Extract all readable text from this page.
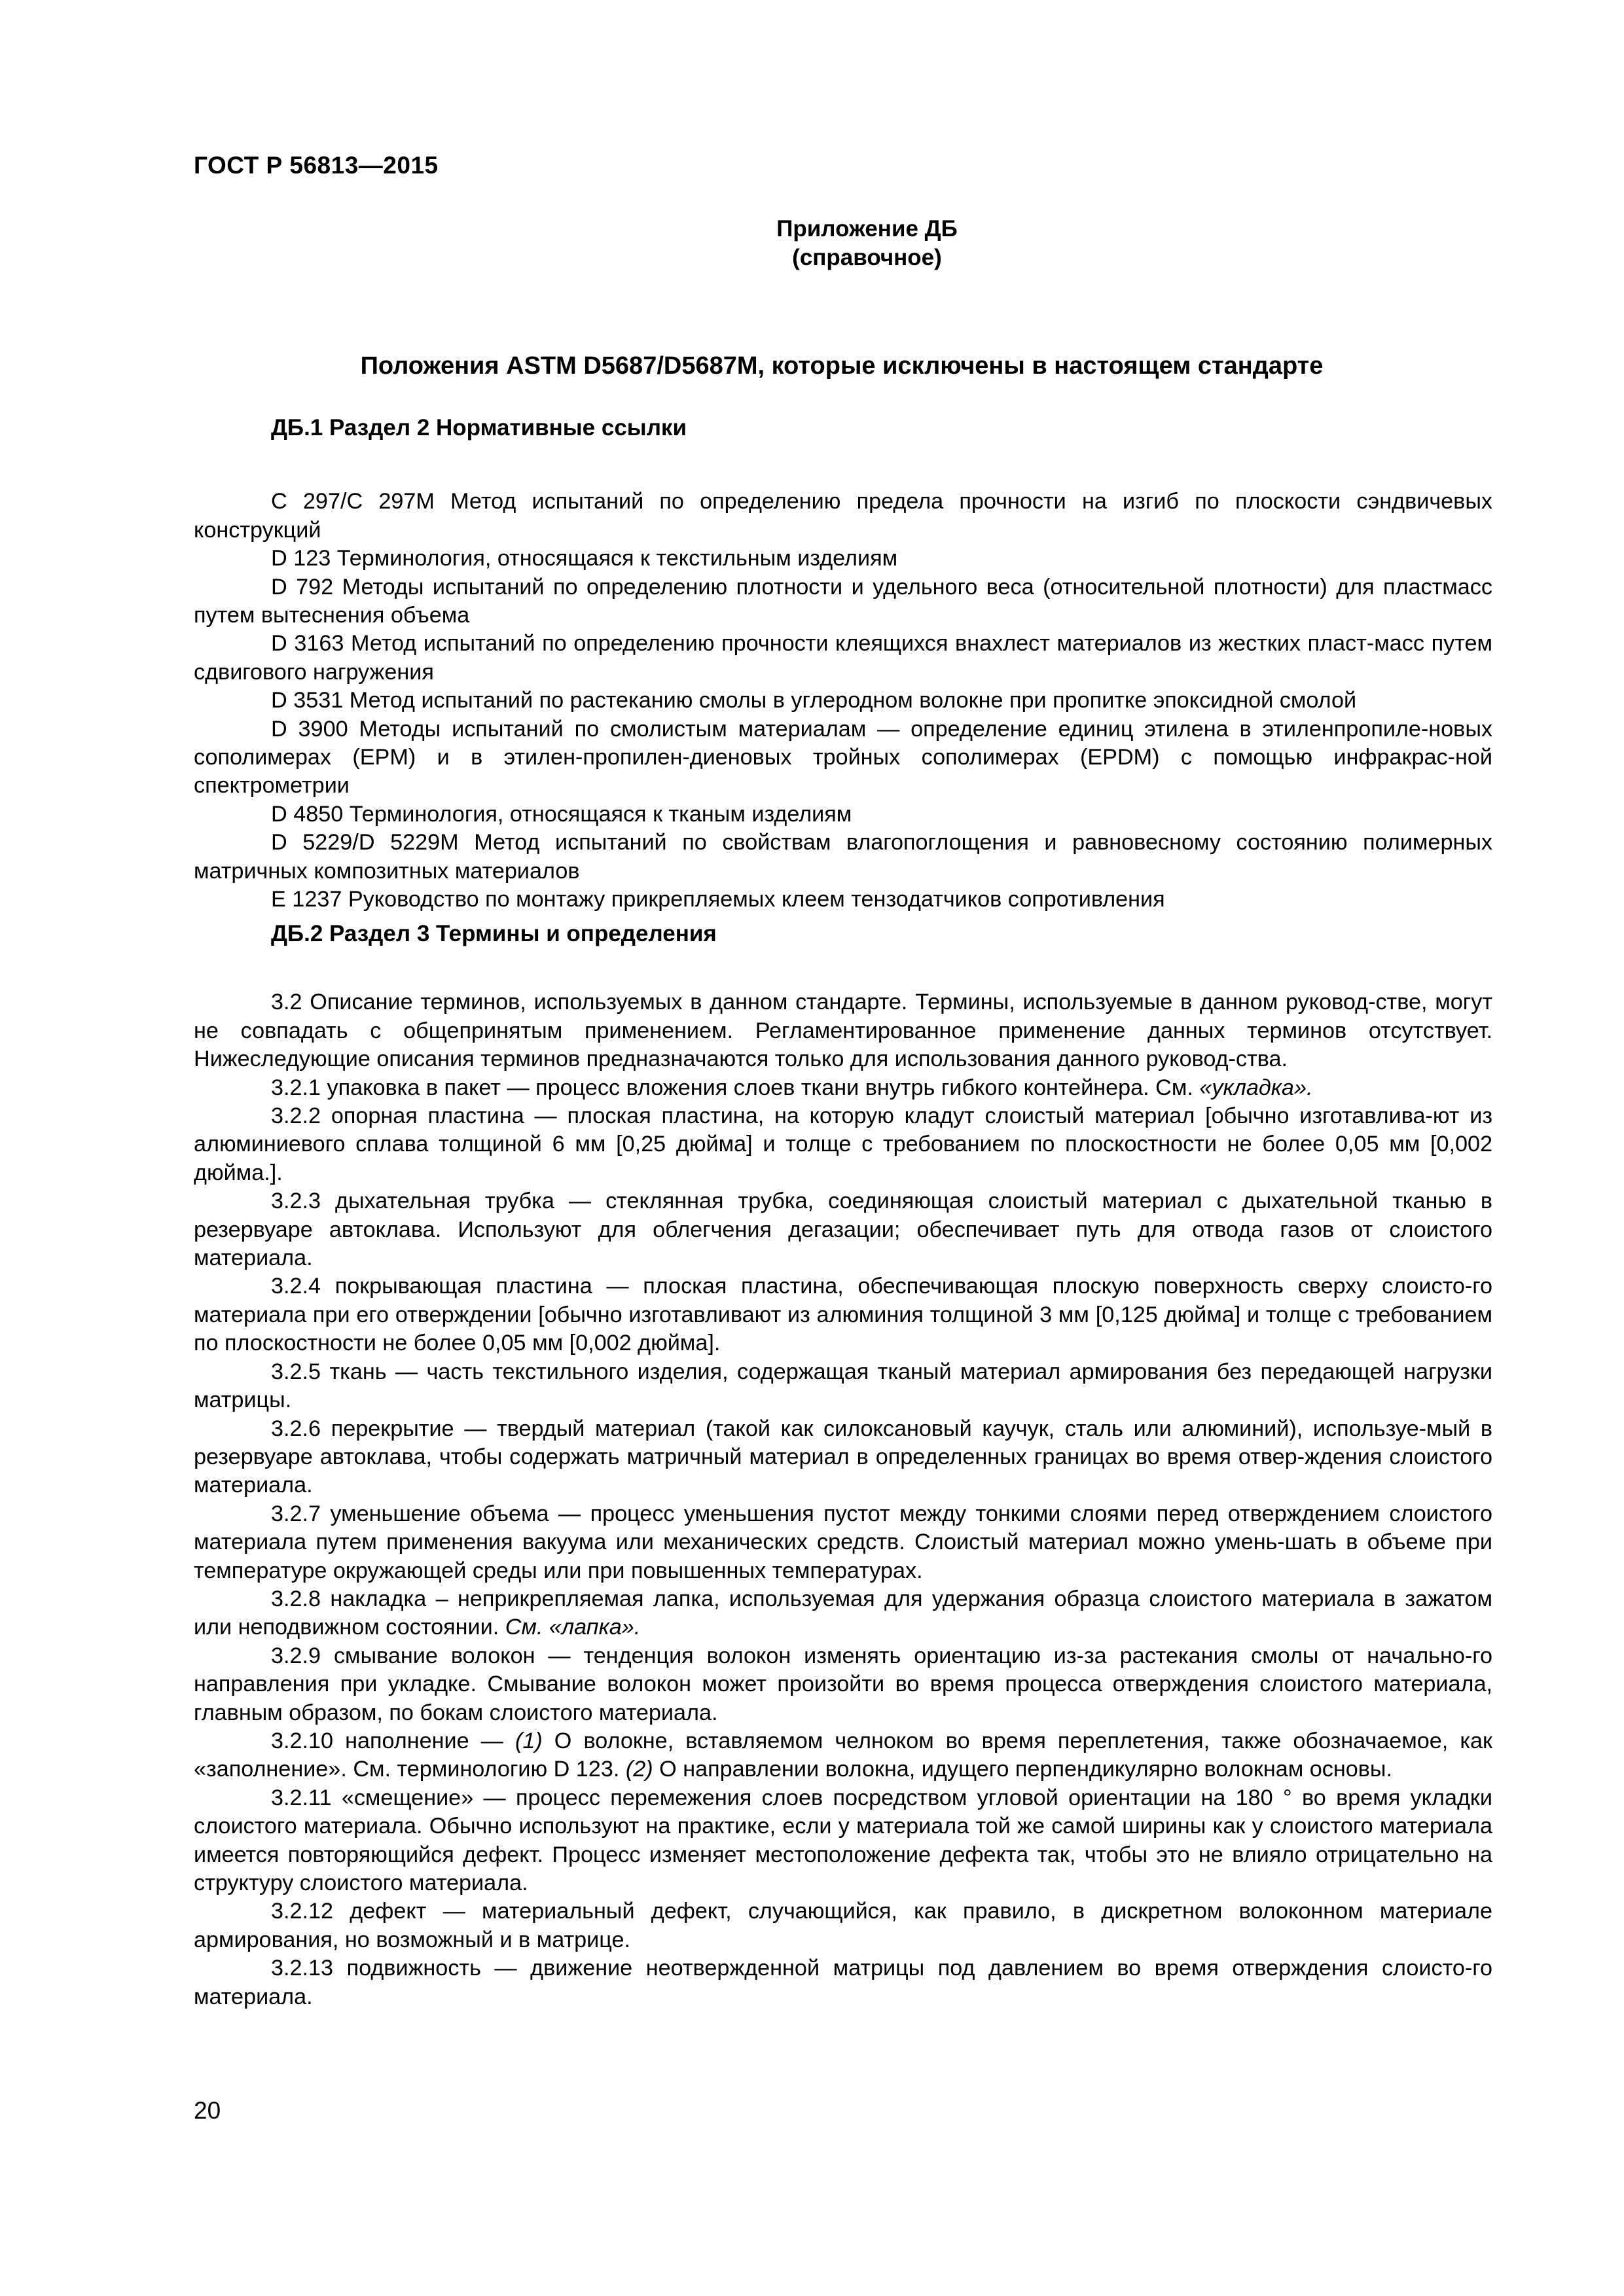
ГОСТ Р 56813—2015
Приложение ДБ
(справочное)
Положения ASTM D5687/D5687M, которые исключены в настоящем стандарте
ДБ.1 Раздел 2 Нормативные ссылки

С 297/С 297М Метод испытаний по определению предела прочности на изгиб по плоскости сэндвичевых конструкций

D 123 Терминология, относящаяся к текстильным изделиям

D 792 Методы испытаний по определению плотности и удельного веса (относительной плотности) для пластмасс путем вытеснения объема

D 3163 Метод испытаний по определению прочности клеящихся внахлест материалов из жестких пласт-масс путем сдвигового нагружения

D 3531 Метод испытаний по растеканию смолы в углеродном волокне при пропитке эпоксидной смолой

D 3900 Методы испытаний по смолистым материалам — определение единиц этилена в этиленпропиле-новых сополимерах (EPM) и в этилен-пропилен-диеновых тройных сополимерах (EPDM) с помощью инфракрас-ной спектрометрии

D 4850 Терминология, относящаяся к тканым изделиям

D 5229/D 5229M Метод испытаний по свойствам влагопоглощения и равновесному состоянию полимерных матричных композитных материалов

E 1237 Руководство по монтажу прикрепляемых клеем тензодатчиков сопротивления

ДБ.2 Раздел 3 Термины и определения

3.2 Описание терминов, используемых в данном стандарте. Термины, используемые в данном руковод-стве, могут не совпадать с общепринятым применением. Регламентированное применение данных терминов отсутствует. Нижеследующие описания терминов предназначаются только для использования данного руковод-ства.

3.2.1 упаковка в пакет — процесс вложения слоев ткани внутрь гибкого контейнера. См. «укладка».

3.2.2 опорная пластина — плоская пластина, на которую кладут слоистый материал [обычно изготавлива-ют из алюминиевого сплава толщиной 6 мм [0,25 дюйма] и толще с требованием по плоскостности не более 0,05 мм [0,002 дюйма.].

3.2.3 дыхательная трубка — стеклянная трубка, соединяющая слоистый материал с дыхательной тканью в резервуаре автоклава. Используют для облегчения дегазации; обеспечивает путь для отвода газов от слоистого материала.

3.2.4 покрывающая пластина — плоская пластина, обеспечивающая плоскую поверхность сверху слоисто-го материала при его отверждении [обычно изготавливают из алюминия толщиной 3 мм [0,125 дюйма] и толще с требованием по плоскостности не более 0,05 мм [0,002 дюйма].

3.2.5 ткань — часть текстильного изделия, содержащая тканый материал армирования без передающей нагрузки матрицы.

3.2.6 перекрытие — твердый материал (такой как силоксановый каучук, сталь или алюминий), используе-мый в резервуаре автоклава, чтобы содержать матричный материал в определенных границах во время отвер-ждения слоистого материала.

3.2.7 уменьшение объема — процесс уменьшения пустот между тонкими слоями перед отверждением слоистого материала путем применения вакуума или механических средств. Слоистый материал можно умень-шать в объеме при температуре окружающей среды или при повышенных температурах.

3.2.8 накладка – неприкрепляемая лапка, используемая для удержания образца слоистого материала в зажатом или неподвижном состоянии. См. «лапка».

3.2.9 смывание волокон — тенденция волокон изменять ориентацию из-за растекания смолы от начально-го направления при укладке. Смывание волокон может произойти во время процесса отверждения слоистого материала, главным образом, по бокам слоистого материала.

3.2.10 наполнение — (1) О волокне, вставляемом челноком во время переплетения, также обозначаемое, как «заполнение». См. терминологию D 123. (2) О направлении волокна, идущего перпендикулярно волокнам основы.

3.2.11 «смещение» — процесс перемежения слоев посредством угловой ориентации на 180 ° во время укладки слоистого материала. Обычно используют на практике, если у материала той же самой ширины как у слоистого материала имеется повторяющийся дефект. Процесс изменяет местоположение дефекта так, чтобы это не влияло отрицательно на структуру слоистого материала.

3.2.12 дефект — материальный дефект, случающийся, как правило, в дискретном волоконном материале армирования, но возможный и в матрице.

3.2.13 подвижность — движение неотвержденной матрицы под давлением во время отверждения слоисто-го материала.

20
